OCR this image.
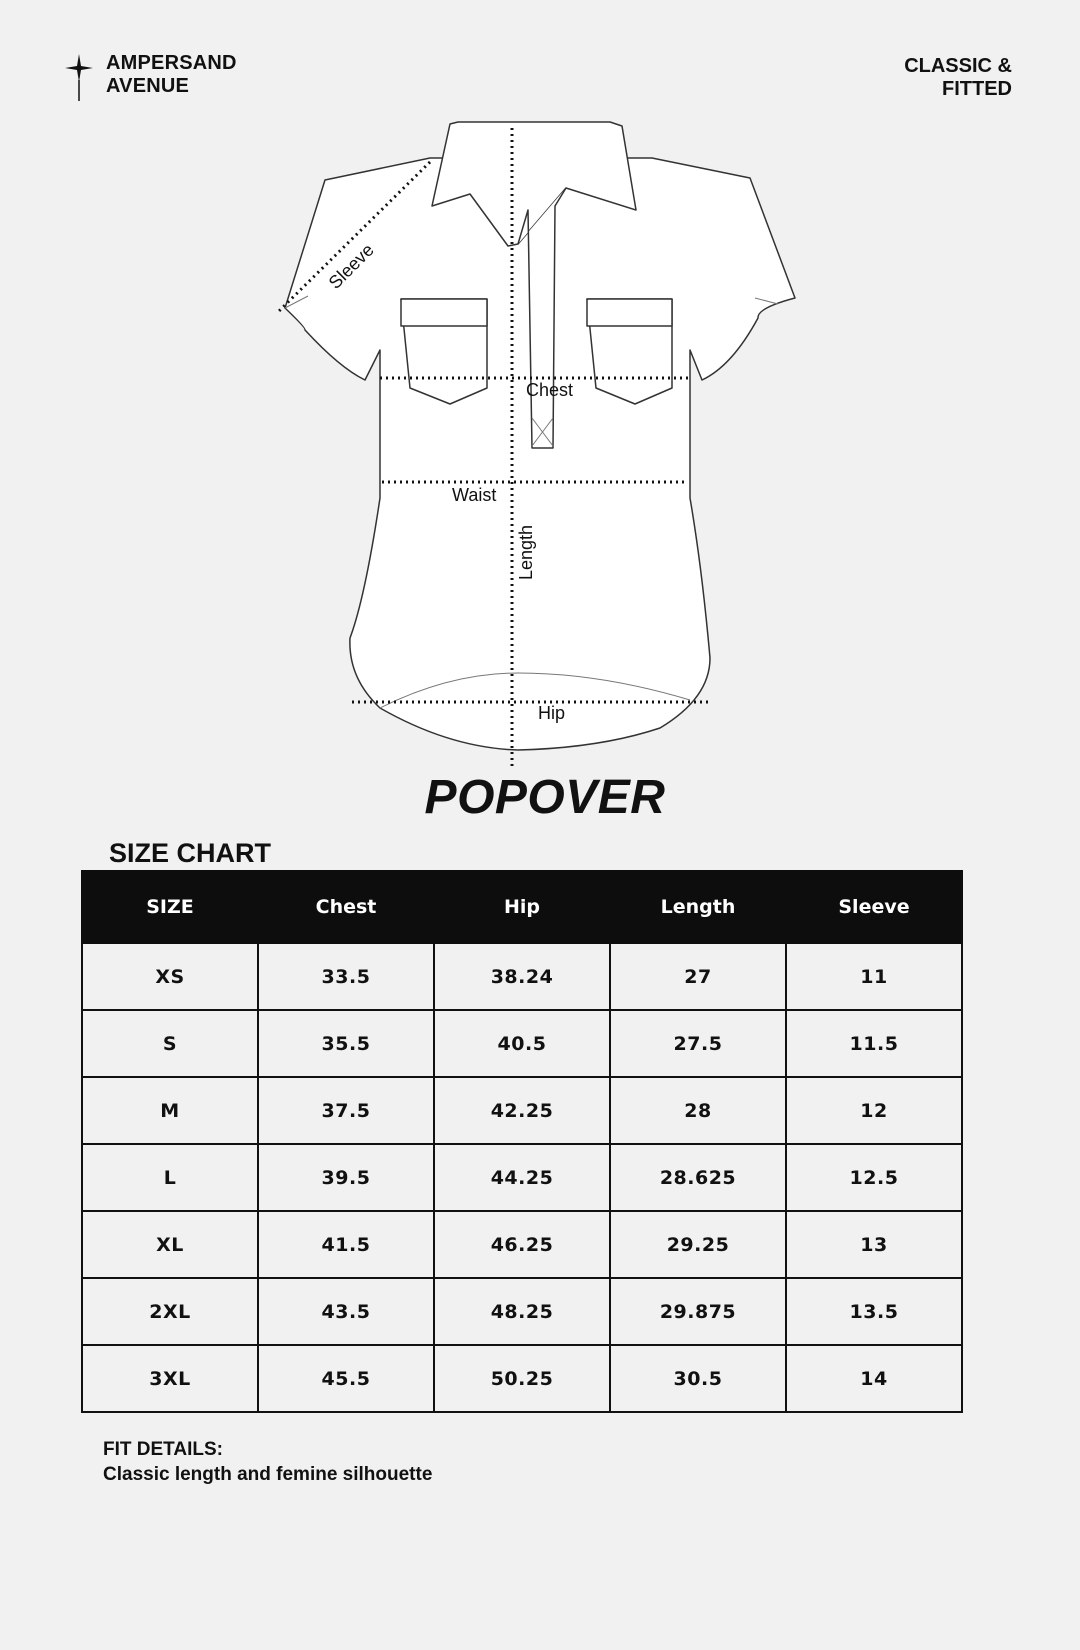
AMPERSAND
AVENUE
CLASSIC &
FITTED
Sleeve
Chest
Waist
Length
Hip
POPOVER
SIZE CHART
SIZE	Chest	Hip	Length	Sleeve
XS	33.5	38.24	27	11
S	35.5	40.5	27.5	11.5
M	37.5	42.25	28	12
L	39.5	44.25	28.625	12.5
XL	41.5	46.25	29.25	13
2XL	43.5	48.25	29.875	13.5
3XL	45.5	50.25	30.5	14
FIT DETAILS:
Classic length and femine silhouette
